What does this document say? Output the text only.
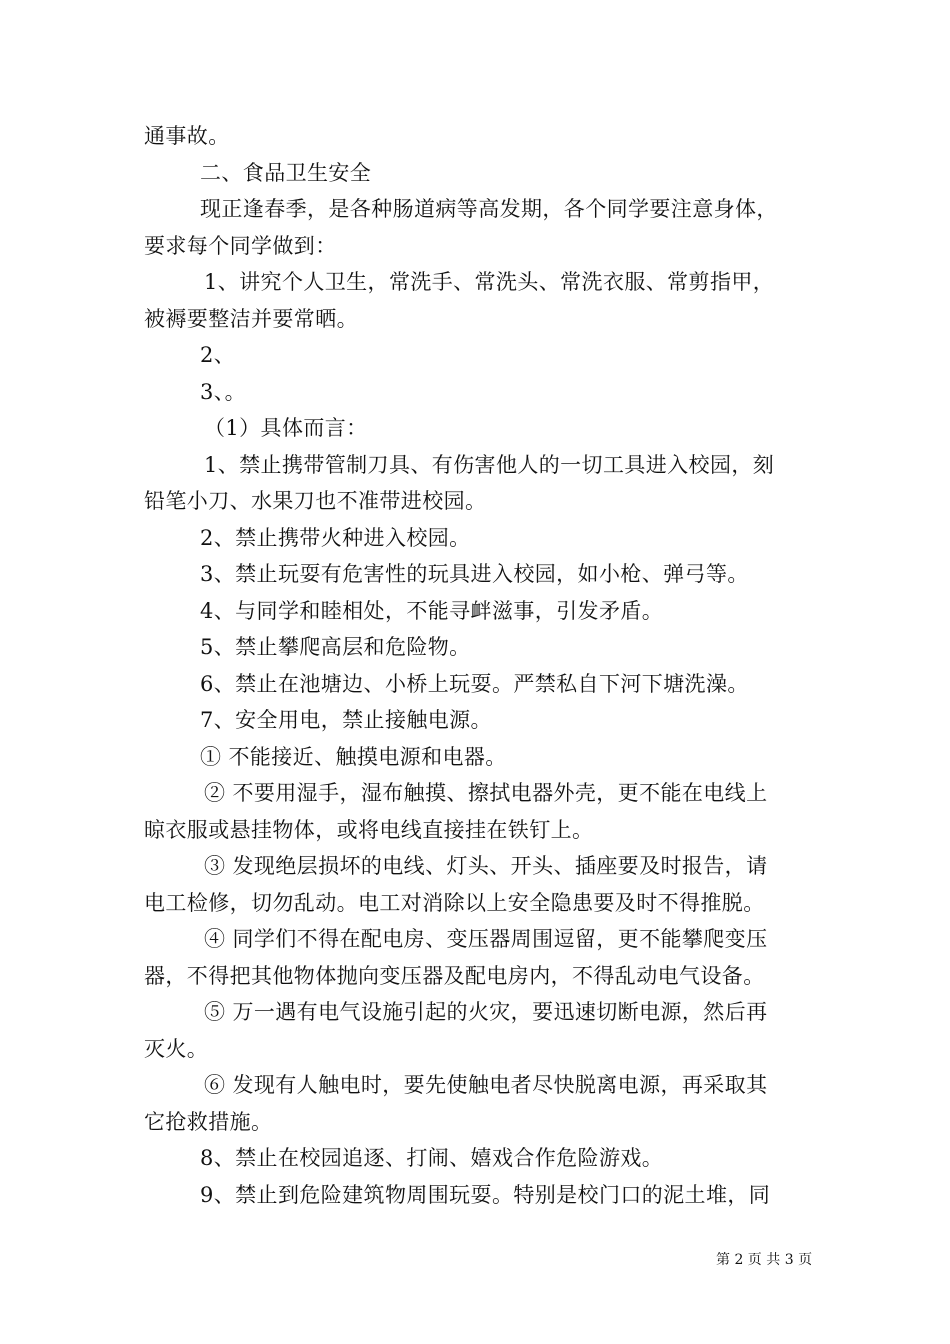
通事故。
二、食品卫生安全
现正逢春季，是各种肠道病等高发期，各个同学要注意身体，
要求每个同学做到：
1、讲究个人卫生，常洗手、常洗头、常洗衣服、常剪指甲，
被褥要整洁并要常晒。
2、
3、。
（1）具体而言：
1、禁止携带管制刀具、有伤害他人的一切工具进入校园，刻
铅笔小刀、水果刀也不准带进校园。
2、禁止携带火种进入校园。
3、禁止玩耍有危害性的玩具进入校园，如小枪、弹弓等。
4、与同学和睦相处，不能寻衅滋事，引发矛盾。
5、禁止攀爬高层和危险物。
6、禁止在池塘边、小桥上玩耍。严禁私自下河下塘洗澡。
7、安全用电，禁止接触电源。
① 不能接近、触摸电源和电器。
② 不要用湿手，湿布触摸、擦拭电器外壳，更不能在电线上
晾衣服或悬挂物体，或将电线直接挂在铁钉上。
③ 发现绝层损坏的电线、灯头、开头、插座要及时报告，请
电工检修，切勿乱动。电工对消除以上安全隐患要及时不得推脱。
④ 同学们不得在配电房、变压器周围逗留，更不能攀爬变压
器，不得把其他物体抛向变压器及配电房内，不得乱动电气设备。
⑤ 万一遇有电气设施引起的火灾，要迅速切断电源，然后再
灭火。
⑥ 发现有人触电时，要先使触电者尽快脱离电源，再采取其
它抢救措施。
8、禁止在校园追逐、打闹、嬉戏合作危险游戏。
9、禁止到危险建筑物周围玩耍。特别是校门口的泥土堆，同
第 2 页 共 3 页
